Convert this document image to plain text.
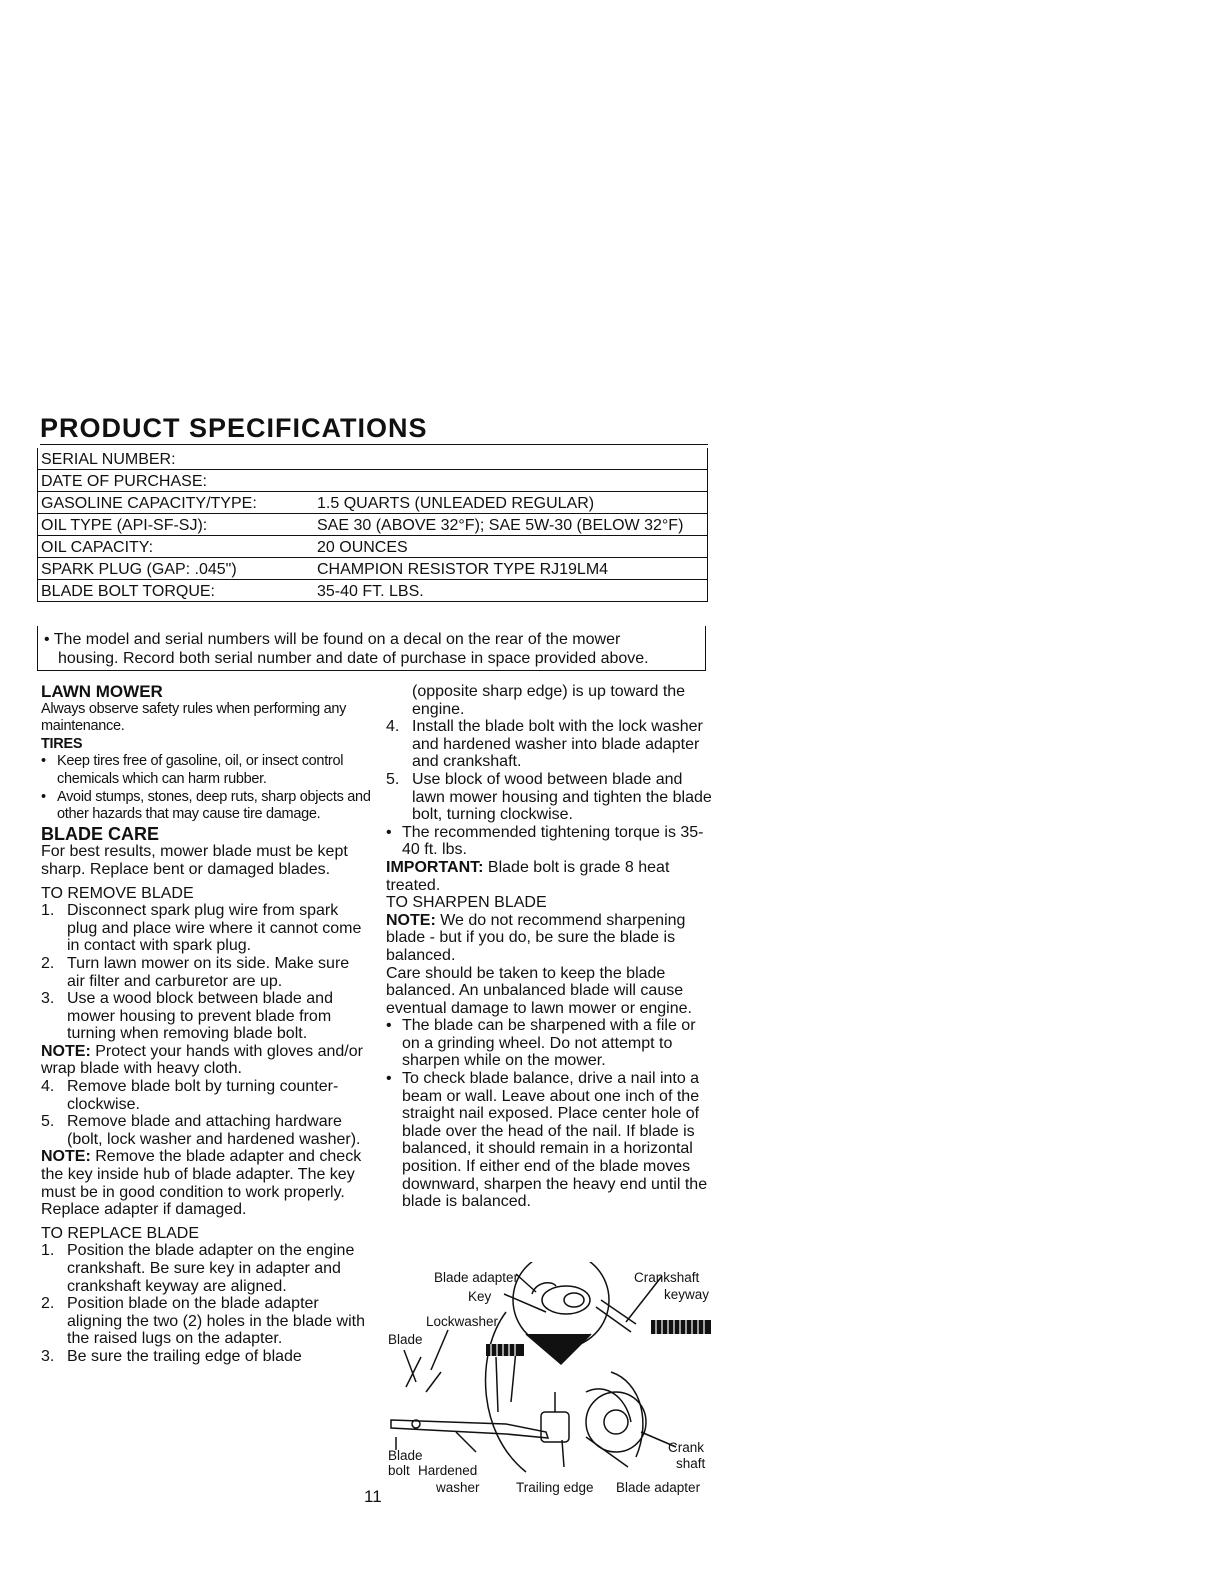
PRODUCT SPECIFICATIONS
SERIAL NUMBER:	
DATE OF PURCHASE:	
GASOLINE CAPACITY/TYPE:	1.5 QUARTS (UNLEADED REGULAR)
OIL TYPE (API-SF-SJ):	SAE 30 (ABOVE 32°F); SAE 5W-30 (BELOW 32°F)
OIL CAPACITY:	20 OUNCES
SPARK PLUG (GAP: .045")	CHAMPION RESISTOR TYPE RJ19LM4
BLADE BOLT TORQUE:	35-40 FT. LBS.
• The model and serial numbers will be found on a decal on the rear of the mower
housing. Record both serial number and date of purchase in space provided above.

LAWN MOWER

Always observe safety rules when performing any maintenance.

TIRES

• Keep tires free of gasoline, oil, or insect control chemicals which can harm rubber.

• Avoid stumps, stones, deep ruts, sharp objects and other hazards that may cause tire damage.

BLADE CARE

For best results, mower blade must be kept sharp. Replace bent or damaged blades.

TO REMOVE BLADE

1. Disconnect spark plug wire from spark plug and place wire where it cannot come in contact with spark plug.

2. Turn lawn mower on its side. Make sure air filter and carburetor are up.

3. Use a wood block between blade and mower housing to prevent blade from turning when removing blade bolt.

NOTE: Protect your hands with gloves and/or wrap blade with heavy cloth.

4. Remove blade bolt by turning counter-clockwise.

5. Remove blade and attaching hardware (bolt, lock washer and hardened washer).

NOTE: Remove the blade adapter and check the key inside hub of blade adapter. The key must be in good condition to work properly. Replace adapter if damaged.

TO REPLACE BLADE

1. Position the blade adapter on the engine crankshaft. Be sure key in adapter and crankshaft keyway are aligned.

2. Position blade on the blade adapter aligning the two (2) holes in the blade with the raised lugs on the adapter.

3. Be sure the trailing edge of blade

(opposite sharp edge) is up toward the engine.

4. Install the blade bolt with the lock washer and hardened washer into blade adapter and crankshaft.

5. Use block of wood between blade and lawn mower housing and tighten the blade bolt, turning clockwise.

• The recommended tightening torque is 35-40 ft. lbs.

IMPORTANT: Blade bolt is grade 8 heat treated.

TO SHARPEN BLADE

NOTE: We do not recommend sharpening blade - but if you do, be sure the blade is balanced.

Care should be taken to keep the blade balanced. An unbalanced blade will cause eventual damage to lawn mower or engine.

• The blade can be sharpened with a file or on a grinding wheel. Do not attempt to sharpen while on the mower.

• To check blade balance, drive a nail into a beam or wall. Leave about one inch of the straight nail exposed. Place center hole of blade over the head of the nail. If blade is balanced, it should remain in a horizontal position. If either end of the blade moves downward, sharpen the heavy end until the blade is balanced.

Blade adapter
Key
Crankshaft
keyway
Lockwasher
Blade
Blade
bolt Hardened
washer	Trailing edge Blade adapter
Crank
shaft
11
